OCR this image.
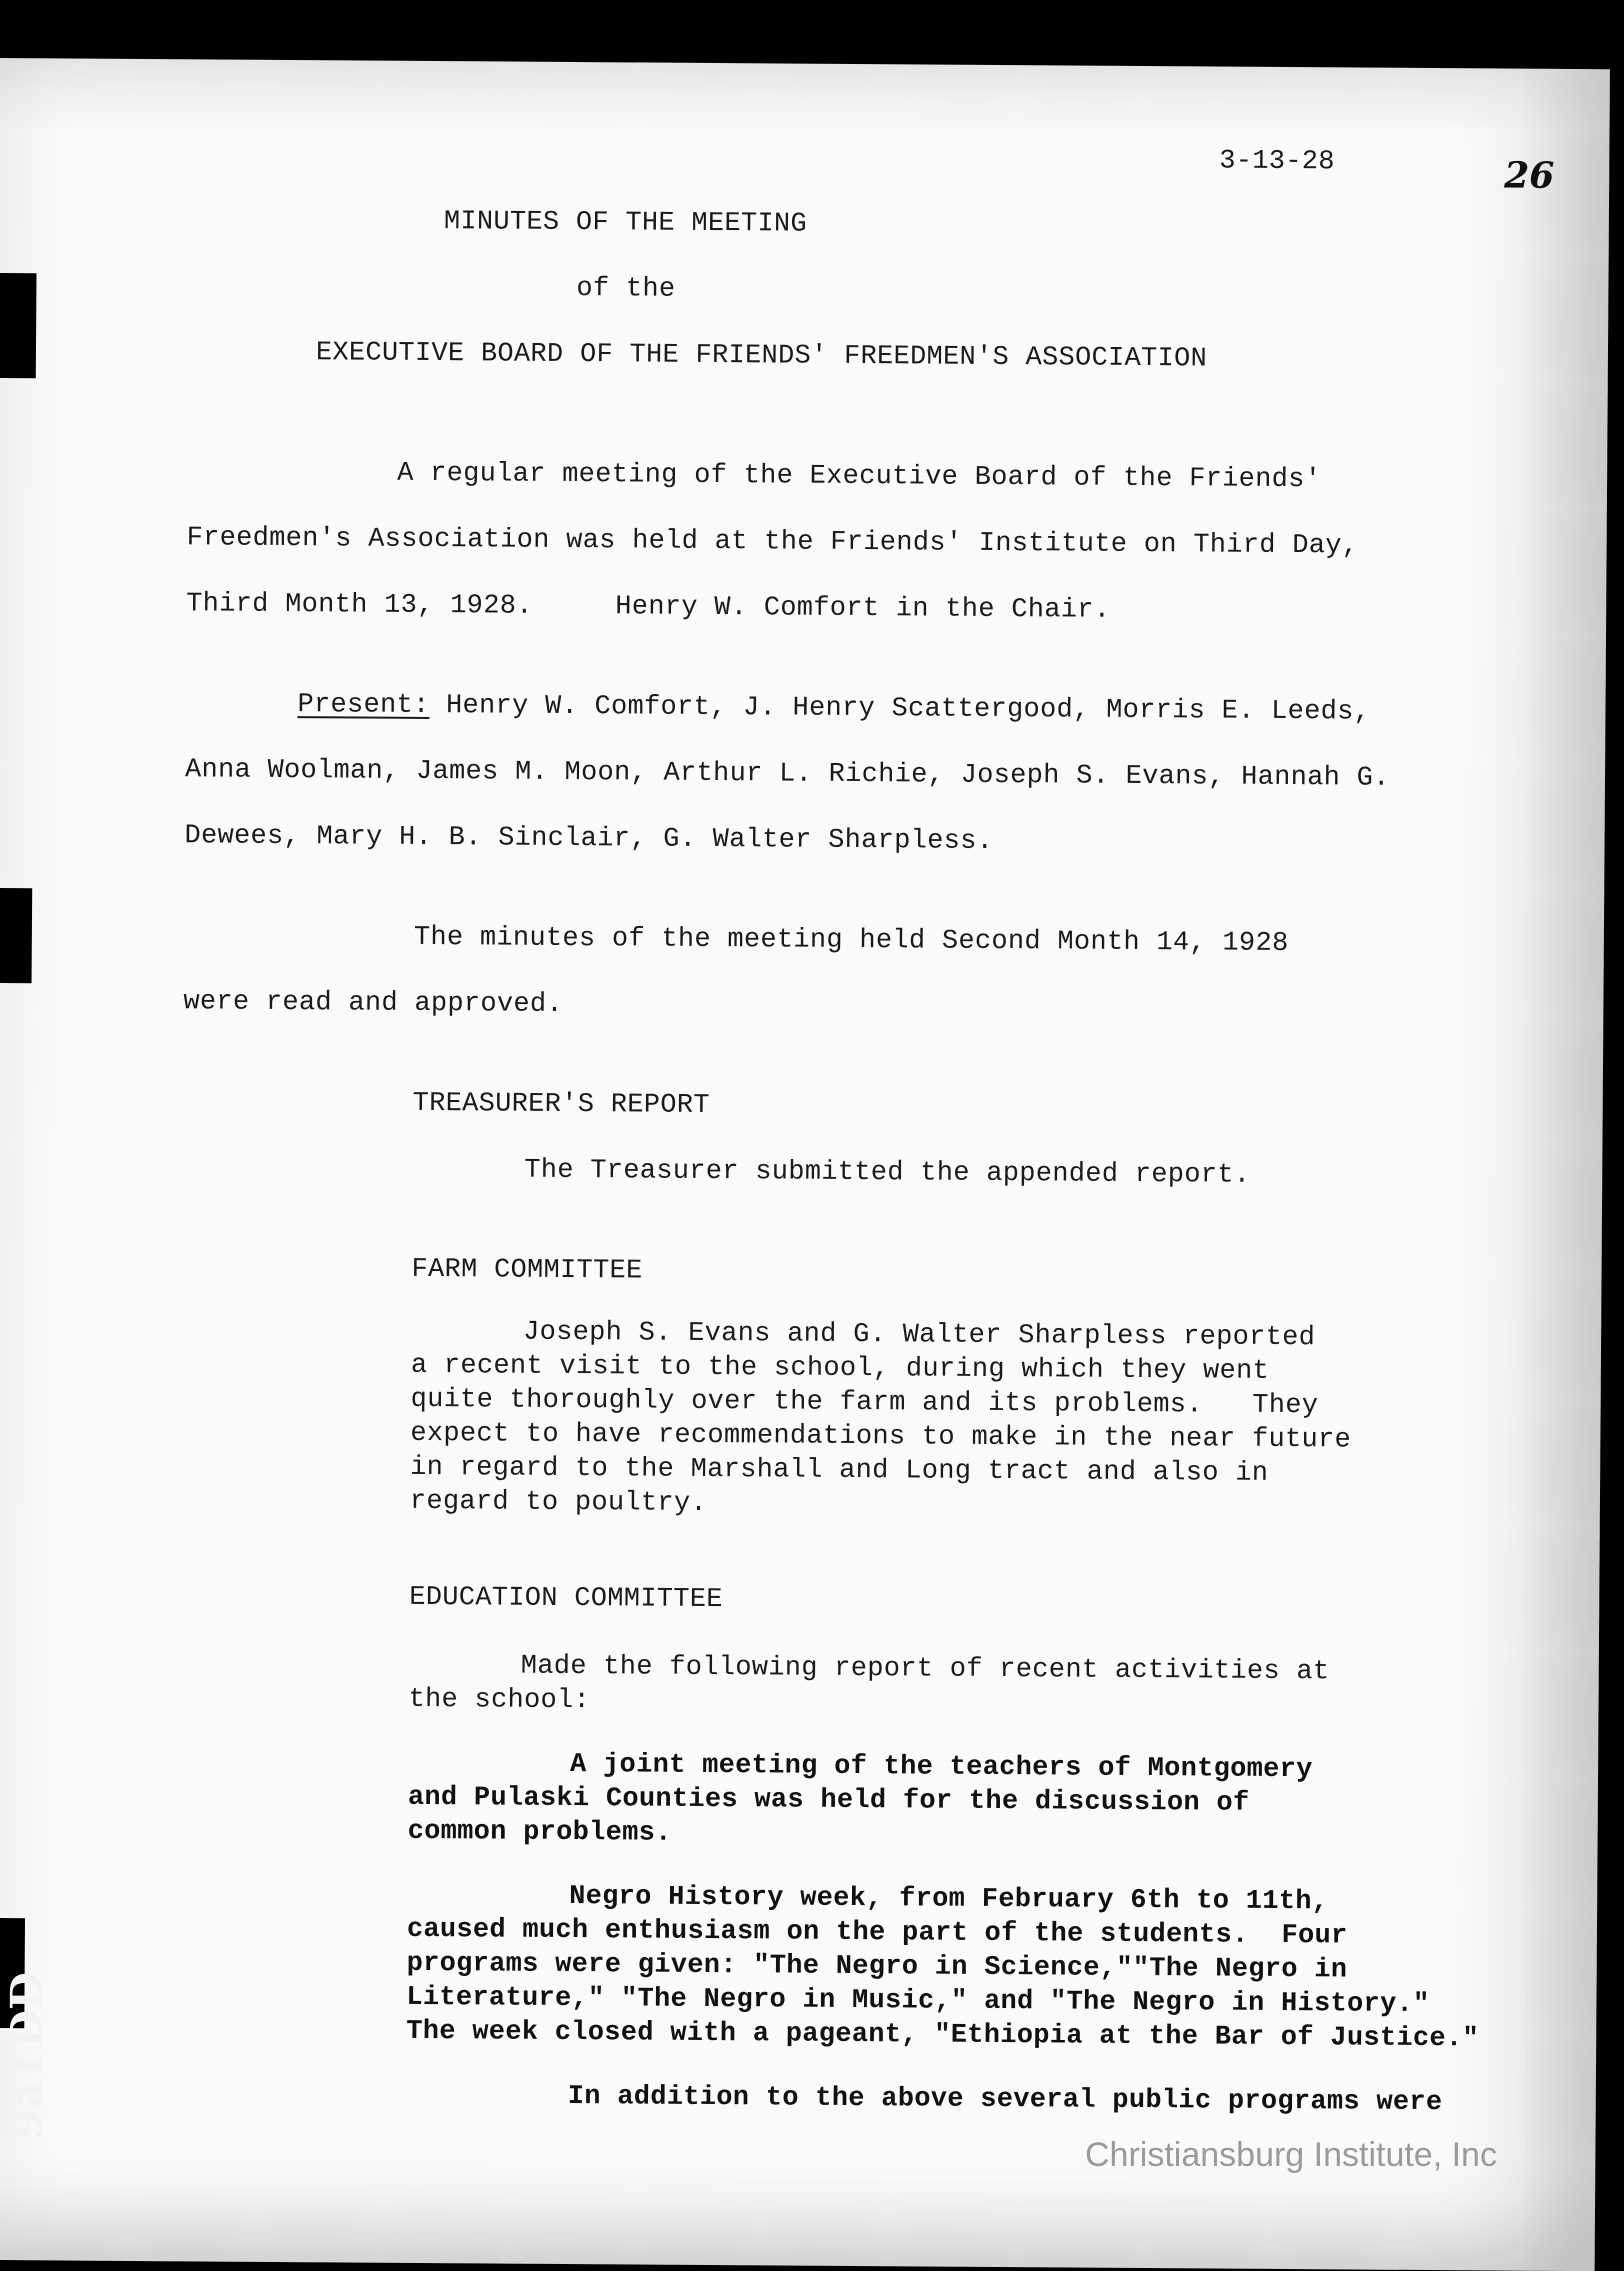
26
3-13-28
MINUTES OF THE MEETING
of the
EXECUTIVE BOARD OF THE FRIENDS' FREEDMEN'S ASSOCIATION
A regular meeting of the Executive Board of the Friends'
Freedmen's Association was held at the Friends' Institute on Third Day,
Third Month 13, 1928.     Henry W. Comfort in the Chair.
Present: Henry W. Comfort, J. Henry Scattergood, Morris E. Leeds,
Anna Woolman, James M. Moon, Arthur L. Richie, Joseph S. Evans, Hannah G.
Dewees, Mary H. B. Sinclair, G. Walter Sharpless.
The minutes of the meeting held Second Month 14, 1928
were read and approved.
TREASURER'S REPORT
The Treasurer submitted the appended report.
FARM COMMITTEE
Joseph S. Evans and G. Walter Sharpless reported
a recent visit to the school, during which they went
quite thoroughly over the farm and its problems.   They
expect to have recommendations to make in the near future
in regard to the Marshall and Long tract and also in
regard to poultry.
EDUCATION COMMITTEE
Made the following report of recent activities at
the school:
A joint meeting of the teachers of Montgomery
and Pulaski Counties was held for the discussion of
common problems.
Negro History week, from February 6th to 11th,
caused much enthusiasm on the part of the students.  Four
programs were given: "The Negro in Science,""The Negro in
Literature," "The Negro in Music," and "The Negro in History."
The week closed with a pageant, "Ethiopia at the Bar of Justice."
In addition to the above several public programs were
9aTDD
Christiansburg Institute, Inc
